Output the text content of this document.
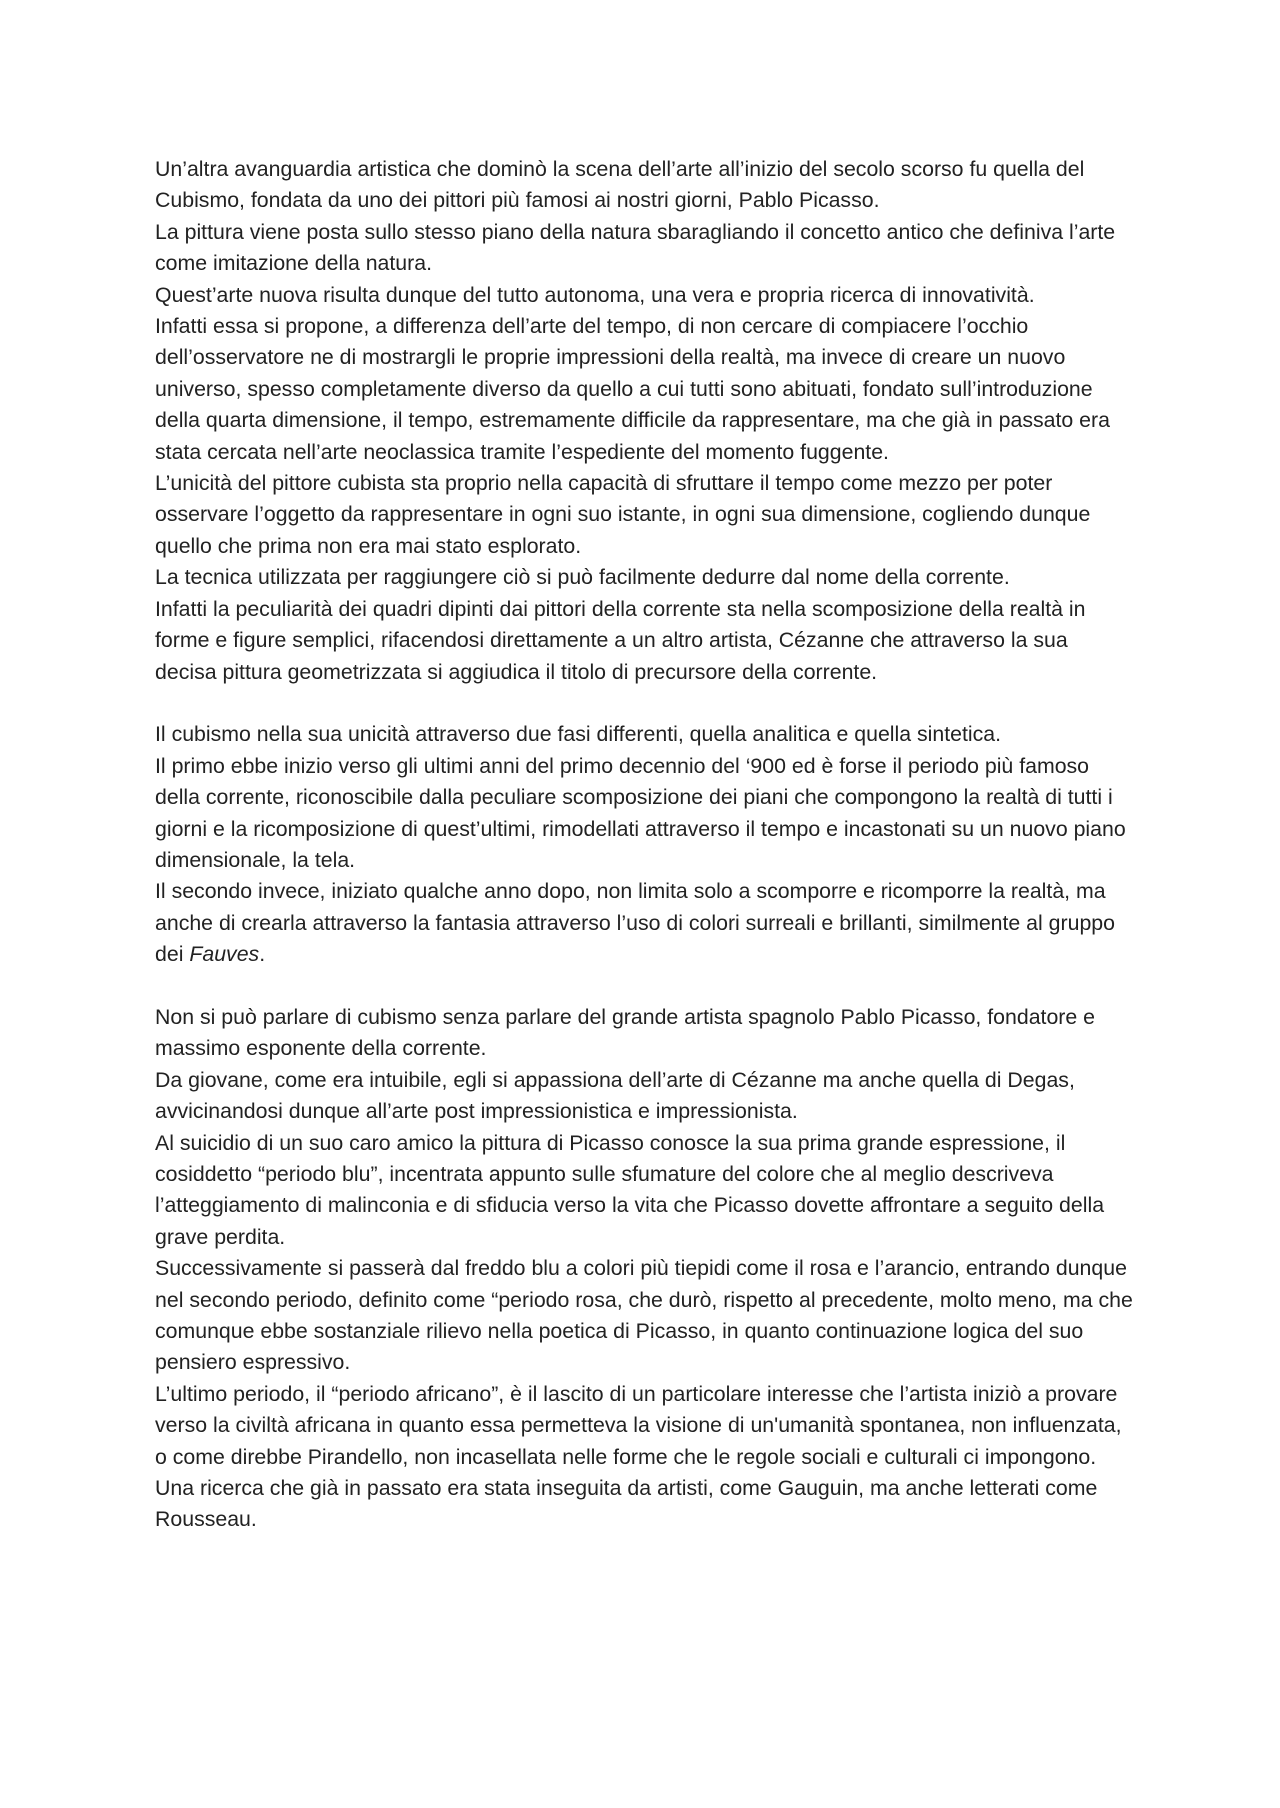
Un’altra avanguardia artistica che dominò la scena dell’arte all’inizio del secolo scorso fu quella del Cubismo, fondata da uno dei pittori più famosi ai nostri giorni, Pablo Picasso.

La pittura viene posta sullo stesso piano della natura sbaragliando il concetto antico che definiva l’arte come imitazione della natura.

Quest’arte nuova risulta dunque del tutto autonoma, una vera e propria ricerca di innovatività.

Infatti essa si propone, a differenza dell’arte del tempo, di non cercare di compiacere l’occhio dell’osservatore ne di mostrargli le proprie impressioni della realtà, ma invece di creare un nuovo universo, spesso completamente diverso da quello a cui tutti sono abituati, fondato sull’introduzione della quarta dimensione, il tempo, estremamente difficile da rappresentare, ma che già in passato era stata cercata nell’arte neoclassica tramite l’espediente del momento fuggente.

L’unicità del pittore cubista sta proprio nella capacità di sfruttare il tempo come mezzo per poter osservare l’oggetto da rappresentare in ogni suo istante, in ogni sua dimensione, cogliendo dunque quello che prima non era mai stato esplorato.

La tecnica utilizzata per raggiungere ciò si può facilmente dedurre dal nome della corrente.

Infatti la peculiarità dei quadri dipinti dai pittori della corrente sta nella scomposizione della realtà in forme e figure semplici, rifacendosi direttamente a un altro artista, Cézanne che attraverso la sua decisa pittura geometrizzata si aggiudica il titolo di precursore della corrente.

Il cubismo nella sua unicità attraverso due fasi differenti, quella analitica e quella sintetica.

Il primo ebbe inizio verso gli ultimi anni del primo decennio del ‘900 ed è forse il periodo più famoso della corrente, riconoscibile dalla peculiare scomposizione dei piani che compongono la realtà di tutti i giorni e la ricomposizione di quest’ultimi, rimodellati attraverso il tempo e incastonati su un nuovo piano dimensionale, la tela.

Il secondo invece, iniziato qualche anno dopo, non limita solo a scomporre e ricomporre la realtà, ma anche di crearla attraverso la fantasia attraverso l’uso di colori surreali e brillanti, similmente al gruppo dei Fauves.

Non si può parlare di cubismo senza parlare del grande artista spagnolo Pablo Picasso, fondatore e massimo esponente della corrente.

Da giovane, come era intuibile, egli si appassiona dell’arte di Cézanne ma anche quella di Degas, avvicinandosi dunque all’arte post impressionistica e impressionista.

Al suicidio di un suo caro amico la pittura di Picasso conosce la sua prima grande espressione, il cosiddetto “periodo blu”, incentrata appunto sulle sfumature del colore che al meglio descriveva l’atteggiamento di malinconia e di sfiducia verso la vita che Picasso dovette affrontare a seguito della grave perdita.

Successivamente si passerà dal freddo blu a colori più tiepidi come il rosa e l’arancio, entrando dunque nel secondo periodo, definito come “periodo rosa, che durò, rispetto al precedente, molto meno, ma che comunque ebbe sostanziale rilievo nella poetica di Picasso, in quanto continuazione logica del suo pensiero espressivo.

L’ultimo periodo, il “periodo africano”, è il lascito di un particolare interesse che l’artista iniziò a provare verso la civiltà africana in quanto essa permetteva la visione di un'umanità spontanea, non influenzata, o come direbbe Pirandello, non incasellata nelle forme che le regole sociali e culturali ci impongono. Una ricerca che già in passato era stata inseguita da artisti, come Gauguin, ma anche letterati come Rousseau.
